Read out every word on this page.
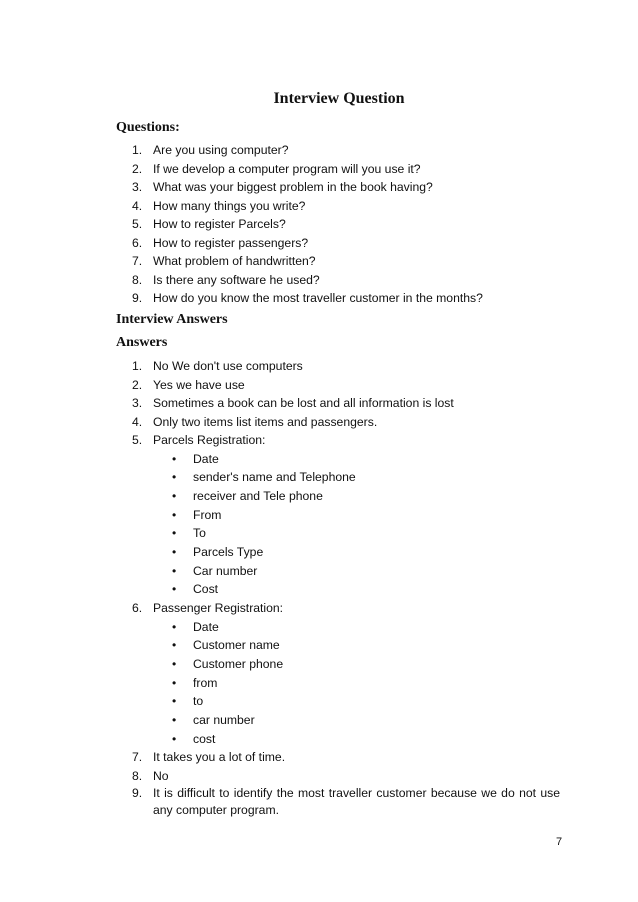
Interview Question
Questions:
1. Are you using computer?
2. If we develop a computer program will you use it?
3. What was your biggest problem in the book having?
4. How many things you write?
5. How to register Parcels?
6. How to register passengers?
7. What problem of handwritten?
8. Is there any software he used?
9. How do you know the most traveller customer in the months?
Interview Answers
Answers
1. No We don't use computers
2. Yes we have use
3. Sometimes a book can be lost and all information is lost
4. Only two items list items and passengers.
5. Parcels Registration:
• Date
• sender's name and Telephone
• receiver and Tele phone
• From
• To
• Parcels Type
• Car number
• Cost
6. Passenger Registration:
• Date
• Customer name
• Customer phone
• from
• to
• car number
• cost
7. It takes you a lot of time.
8. No
9. It is difficult to identify the most traveller customer because we do not use any computer program.
7
